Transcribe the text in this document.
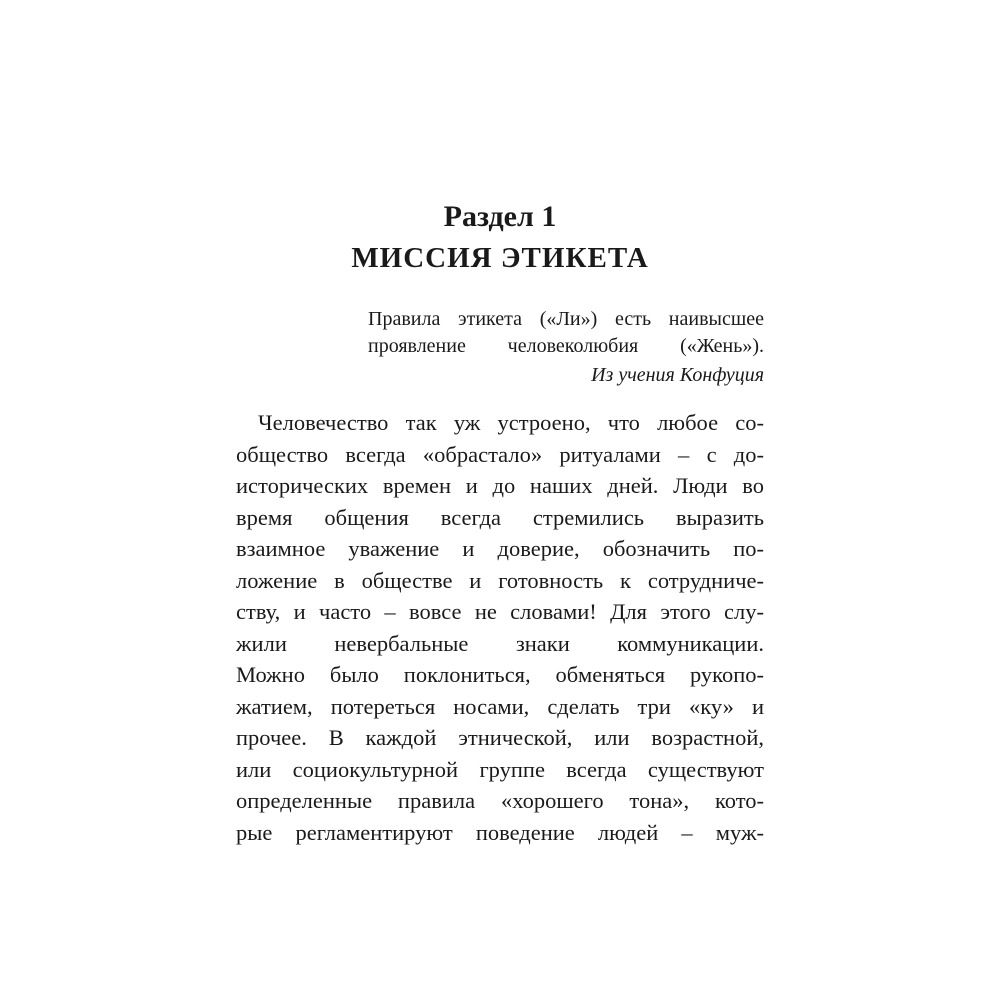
Раздел 1
МИССИЯ ЭТИКЕТА
Правила этикета («Ли») есть наивысшее
проявление человеколюбия («Жень»).
Из учения Конфуция
Человечество так уж устроено, что любое со-
общество всегда «обрастало» ритуалами – с до-
исторических времен и до наших дней. Люди во
время общения всегда стремились выразить
взаимное уважение и доверие, обозначить по-
ложение в обществе и готовность к сотрудниче-
ству, и часто – вовсе не словами! Для этого слу-
жили невербальные знаки коммуникации.
Можно было поклониться, обменяться рукопо-
жатием, потереться носами, сделать три «ку» и
прочее. В каждой этнической, или возрастной,
или социокультурной группе всегда существуют
определенные правила «хорошего тона», кото-
рые регламентируют поведение людей – муж-
